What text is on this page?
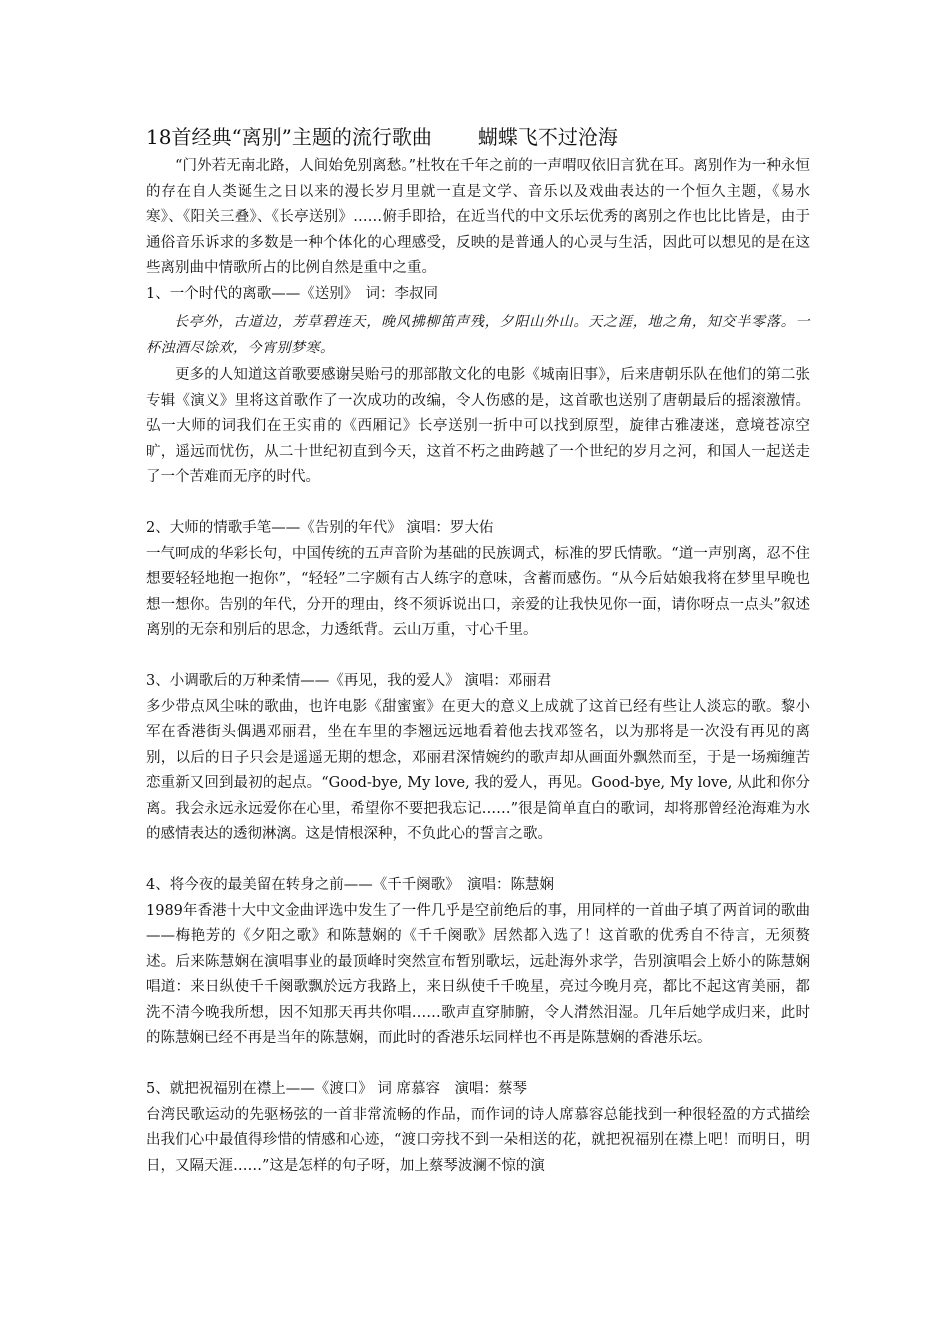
18首经典“离别”主题的流行歌曲 蝴蝶飞不过沧海

“门外若无南北路，人间始免别离愁。”杜牧在千年之前的一声喟叹依旧言犹在耳。离别作为一种永恒的存在自人类诞生之日以来的漫长岁月里就一直是文学、音乐以及戏曲表达的一个恒久主题，《易水寒》、《阳关三叠》、《长亭送别》……俯手即拾，在近当代的中文乐坛优秀的离别之作也比比皆是，由于通俗音乐诉求的多数是一种个体化的心理感受，反映的是普通人的心灵与生活，因此可以想见的是在这些离别曲中情歌所占的比例自然是重中之重。

1、一个时代的离歌——《送别》　词：李叔同

长亭外，古道边，芳草碧连天，晚风拂柳笛声残，夕阳山外山。天之涯，地之角，知交半零落。一杯浊酒尽馀欢，今宵别梦寒。

更多的人知道这首歌要感谢吴贻弓的那部散文化的电影《城南旧事》，后来唐朝乐队在他们的第二张专辑《演义》里将这首歌作了一次成功的改编，令人伤感的是，这首歌也送别了唐朝最后的摇滚激情。弘一大师的词我们在王实甫的《西厢记》长亭送别一折中可以找到原型，旋律古雅凄迷，意境苍凉空旷，遥远而忧伤，从二十世纪初直到今天，这首不朽之曲跨越了一个世纪的岁月之河，和国人一起送走了一个苦难而无序的时代。

2、大师的情歌手笔——《告别的年代》 演唱：罗大佑

一气呵成的华彩长句，中国传统的五声音阶为基础的民族调式，标准的罗氏情歌。“道一声别离，忍不住想要轻轻地抱一抱你”，“轻轻”二字颇有古人练字的意味，含蓄而感伤。“从今后姑娘我将在梦里早晚也想一想你。告别的年代，分开的理由，终不须诉说出口，亲爱的让我快见你一面，请你呀点一点头”叙述离别的无奈和别后的思念，力透纸背。云山万重，寸心千里。

3、小调歌后的万种柔情——《再见，我的爱人》 演唱：邓丽君

多少带点风尘味的歌曲，也许电影《甜蜜蜜》在更大的意义上成就了这首已经有些让人淡忘的歌。黎小军在香港街头偶遇邓丽君，坐在车里的李翘远远地看着他去找邓签名，以为那将是一次没有再见的离别，以后的日子只会是遥遥无期的想念，邓丽君深情婉约的歌声却从画面外飘然而至，于是一场痴缠苦恋重新又回到最初的起点。“Good-bye, My love, 我的爱人，再见。Good-bye, My love, 从此和你分离。我会永远永远爱你在心里，希望你不要把我忘记……”很是简单直白的歌词，却将那曾经沧海难为水的感情表达的透彻淋漓。这是情根深种，不负此心的誓言之歌。

4、将今夜的最美留在转身之前——《千千阕歌》　演唱：陈慧娴

1989年香港十大中文金曲评选中发生了一件几乎是空前绝后的事，用同样的一首曲子填了两首词的歌曲——梅艳芳的《夕阳之歌》和陈慧娴的《千千阕歌》居然都入选了！这首歌的优秀自不待言，无须赘述。后来陈慧娴在演唱事业的最顶峰时突然宣布暂别歌坛，远赴海外求学，告别演唱会上娇小的陈慧娴唱道：来日纵使千千阕歌飘於远方我路上，来日纵使千千晚星，亮过今晚月亮，都比不起这宵美丽，都洗不清今晚我所想，因不知那天再共你唱……歌声直穿肺腑，令人潸然泪湿。几年后她学成归来，此时的陈慧娴已经不再是当年的陈慧娴，而此时的香港乐坛同样也不再是陈慧娴的香港乐坛。

5、就把祝福别在襟上——《渡口》 词 席慕容　演唱：蔡琴

台湾民歌运动的先驱杨弦的一首非常流畅的作品，而作词的诗人席慕容总能找到一种很轻盈的方式描绘出我们心中最值得珍惜的情感和心迹，“渡口旁找不到一朵相送的花，就把祝福别在襟上吧！而明日，明日，又隔天涯……”这是怎样的句子呀，加上蔡琴波澜不惊的演
